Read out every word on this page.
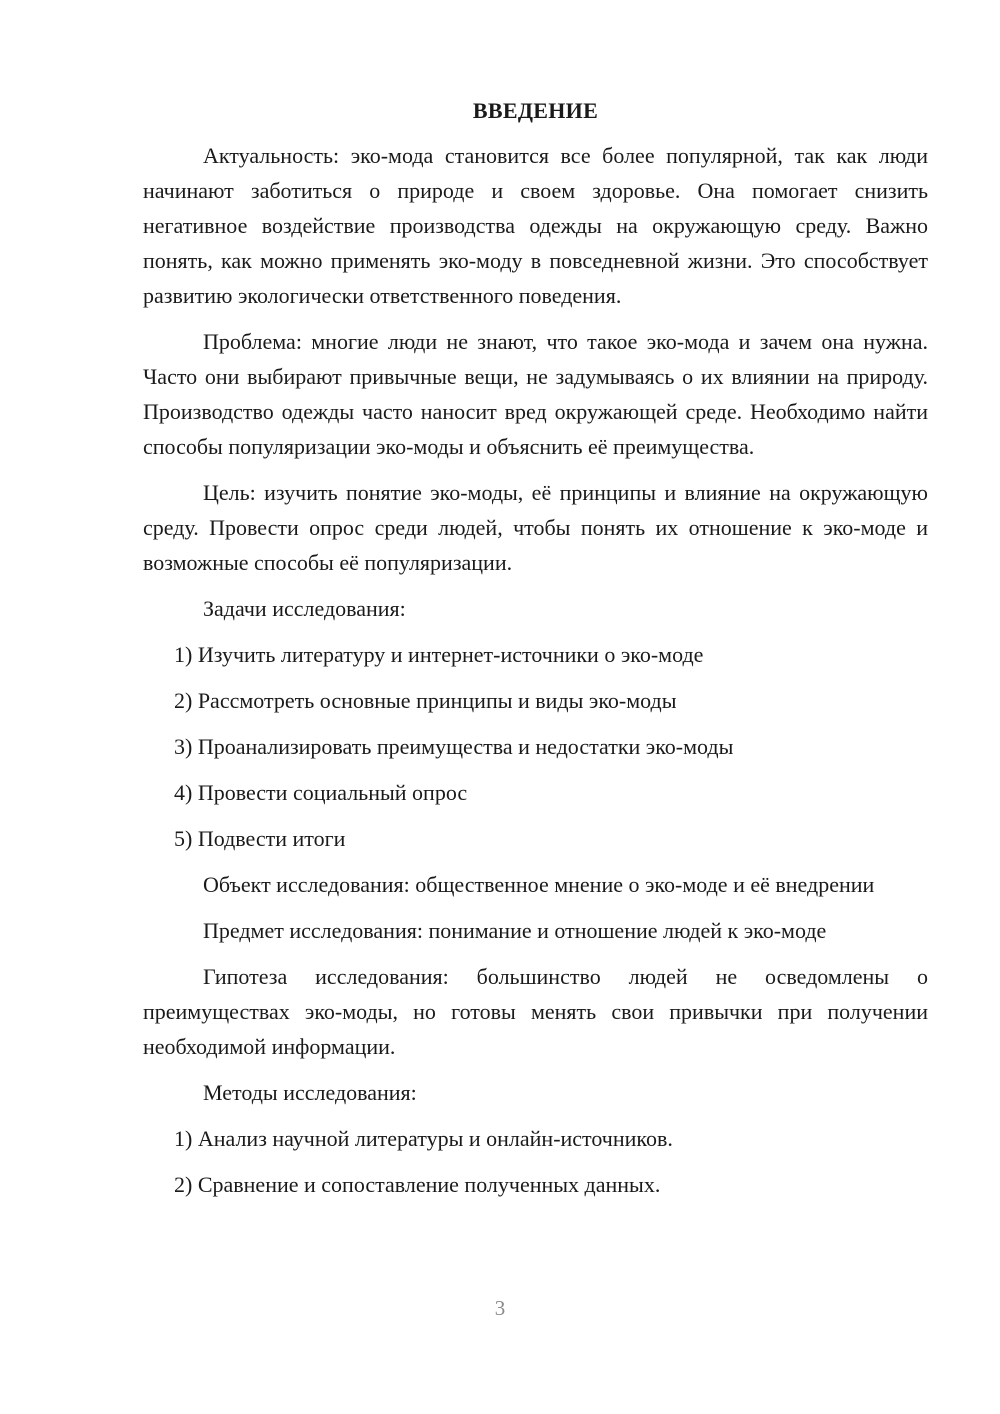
ВВЕДЕНИЕ

Актуальность: эко-мода становится все более популярной, так как люди начинают заботиться о природе и своем здоровье. Она помогает снизить негативное воздействие производства одежды на окружающую среду. Важно понять, как можно применять эко-моду в повседневной жизни. Это способствует развитию экологически ответственного поведения.

Проблема: многие люди не знают, что такое эко-мода и зачем она нужна. Часто они выбирают привычные вещи, не задумываясь о их влиянии на природу. Производство одежды часто наносит вред окружающей среде. Необходимо найти способы популяризации эко-моды и объяснить её преимущества.

Цель: изучить понятие эко-моды, её принципы и влияние на окружающую среду. Провести опрос среди людей, чтобы понять их отношение к эко-моде и возможные способы её популяризации.

Задачи исследования:

1) Изучить литературу и интернет-источники о эко-моде

2) Рассмотреть основные принципы и виды эко-моды

3) Проанализировать преимущества и недостатки эко-моды

4) Провести социальный опрос

5) Подвести итоги

Объект исследования: общественное мнение о эко-моде и её внедрении

Предмет исследования: понимание и отношение людей к эко-моде

Гипотеза исследования: большинство людей не осведомлены о преимуществах эко-моды, но готовы менять свои привычки при получении необходимой информации.

Методы исследования:

1) Анализ научной литературы и онлайн-источников.

2) Сравнение и сопоставление полученных данных.

3
